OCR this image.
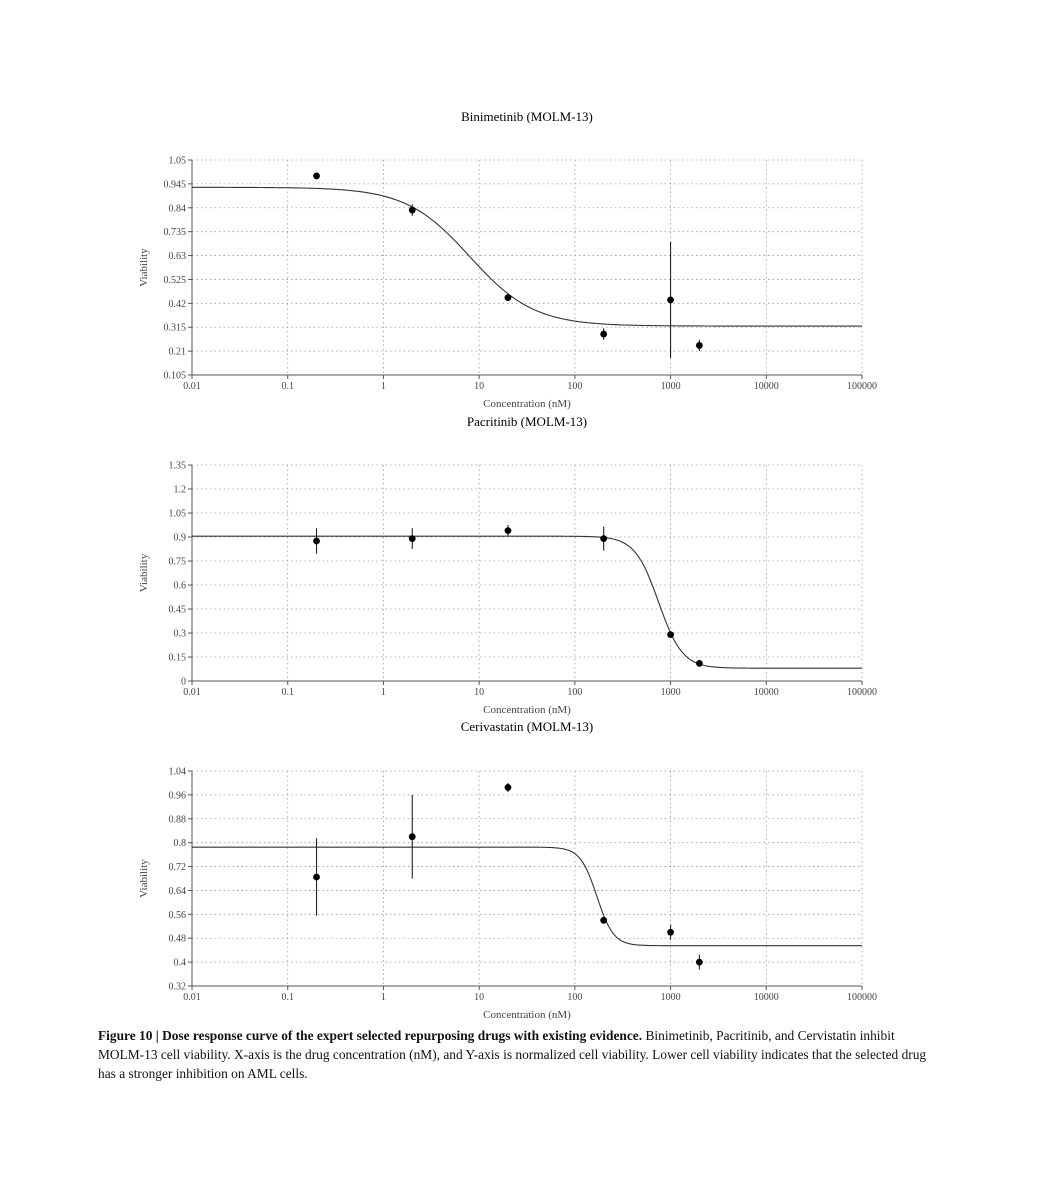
Binimetinib (MOLM-13)
0.01	0.1	1	10	100	1000	10000	100000
0.105
0.21
0.315
0.42
0.525
0.63
0.735
0.84
0.945
1.05
Concentration (nM)
Viability
Pacritinib (MOLM-13)
0.01	0.1	1	10	100	1000	10000	100000
0
0.15
0.3
0.45
0.6
0.75
0.9
1.05
1.2
1.35
Concentration (nM)
Viability
Cerivastatin (MOLM-13)
0.01	0.1	1	10	100	1000	10000	100000
0.32
0.4
0.48
0.56
0.64
0.72
0.8
0.88
0.96
1.04
Concentration (nM)
Viability
Figure 10 | Dose response curve of the expert selected repurposing drugs with existing evidence. Binimetinib, Pacritinib, and Cervistatin inhibit MOLM-13 cell viability. X-axis is the drug concentration (nM), and Y-axis is normalized cell viability. Lower cell viability indicates that the selected drug has a stronger inhibition on AML cells.
